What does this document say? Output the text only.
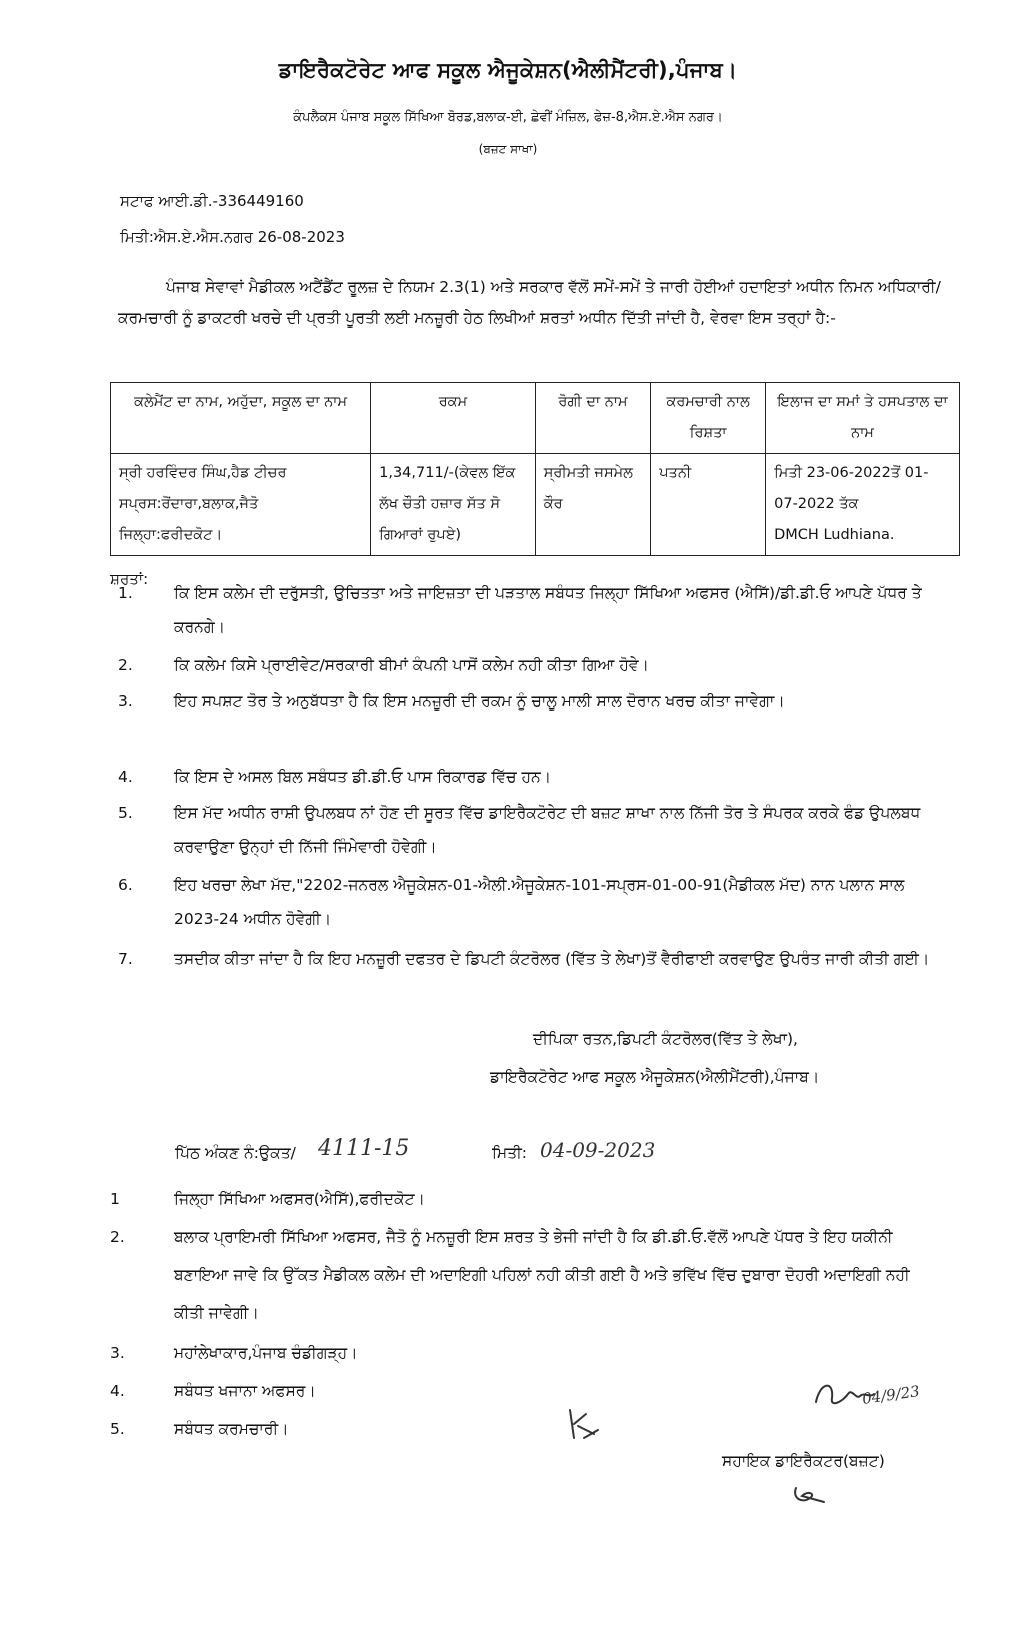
ਡਾਇਰੈਕਟੋਰੇਟ ਆਫ ਸਕੂਲ ਐਜੂਕੇਸ਼ਨ(ਐਲੀਮੈਂਟਰੀ),ਪੰਜਾਬ।
ਕੰਪਲੈਕਸ ਪੰਜਾਬ ਸਕੂਲ ਸਿੱਖਿਆ ਬੋਰਡ,ਬਲਾਕ-ਈ, ਛੇਵੀਂ ਮੰਜ਼ਿਲ, ਫੇਜ਼-8,ਐਸ.ਏ.ਐਸ ਨਗਰ।
(ਬਜ਼ਟ ਸਾਖਾ)
ਸਟਾਫ ਆਈ.ਡੀ.-336449160
ਮਿਤੀ:ਐਸ.ਏ.ਐਸ.ਨਗਰ 26-08-2023
ਪੰਜਾਬ ਸੇਵਾਵਾਂ ਮੈਡੀਕਲ ਅਟੈਂਡੈਂਟ ਰੂਲਜ਼ ਦੇ ਨਿਯਮ 2.3(1) ਅਤੇ ਸਰਕਾਰ ਵੱਲੋਂ ਸਮੇਂ-ਸਮੇਂ ਤੇ ਜਾਰੀ ਹੋਈਆਂ ਹਦਾਇਤਾਂ ਅਧੀਨ ਨਿਮਨ ਅਧਿਕਾਰੀ/ਕਰਮਚਾਰੀ ਨੂੰ ਡਾਕਟਰੀ ਖਰਚੇ ਦੀ ਪ੍ਰਤੀ ਪੂਰਤੀ ਲਈ ਮਨਜ਼ੂਰੀ ਹੇਠ ਲਿਖੀਆਂ ਸ਼ਰਤਾਂ ਅਧੀਨ ਦਿੱਤੀ ਜਾਂਦੀ ਹੈ, ਵੇਰਵਾ ਇਸ ਤਰ੍ਹਾਂ ਹੈ:-
ਕਲੇਮੈਂਟ ਦਾ ਨਾਮ, ਅਹੁੱਦਾ, ਸਕੂਲ ਦਾ ਨਾਮ	ਰਕਮ	ਰੋਗੀ ਦਾ ਨਾਮ	ਕਰਮਚਾਰੀ ਨਾਲ ਰਿਸ਼ਤਾ	ਇਲਾਜ ਦਾ ਸਮਾਂ ਤੇ ਹਸਪਤਾਲ ਦਾ ਨਾਮ
ਸ੍ਰੀ ਹਰਵਿੰਦਰ ਸਿੰਘ,ਹੈਡ ਟੀਚਰ ਸਪ੍ਰਸ:ਰੋਂਦਾਰਾ,ਬਲਾਕ,ਜੈਤੋ ਜਿਲ੍ਹਾ:ਫਰੀਦਕੋਟ।	1,34,711/-(ਕੇਵਲ ਇੱਕ ਲੱਖ ਚੌਤੀ ਹਜ਼ਾਰ ਸੱਤ ਸੋ ਗਿਆਰਾਂ ਰੁਪਏ)	ਸ੍ਰੀਮਤੀ ਜਸਮੇਲ ਕੌਰ	ਪਤਨੀ	ਮਿਤੀ 23-06-2022ਤੋਂ 01-07-2022 ਤੱਕ
DMCH Ludhiana.
ਸ਼ਰਤਾਂ:
1.	ਕਿ ਇਸ ਕਲੇਮ ਦੀ ਦਰੁੱਸਤੀ, ਉਚਿਤਤਾ ਅਤੇ ਜਾਇਜ਼ਤਾ ਦੀ ਪੜਤਾਲ ਸਬੰਧਤ ਜਿਲ੍ਹਾ ਸਿੱਖਿਆ ਅਫਸਰ (ਐਸਿੱ)/ਡੀ.ਡੀ.ਓ ਆਪਣੇ ਪੱਧਰ ਤੇ ਕਰਨਗੇ।
2.	ਕਿ ਕਲੇਮ ਕਿਸੇ ਪ੍ਰਾਈਵੇਟ/ਸਰਕਾਰੀ ਬੀਮਾਂ ਕੰਪਨੀ ਪਾਸੋਂ ਕਲੇਮ ਨਹੀ ਕੀਤਾ ਗਿਆ ਹੋਵੇ।
3.	ਇਹ ਸਪਸ਼ਟ ਤੋਰ ਤੇ ਅਨੁਬੱਧਤਾ ਹੈ ਕਿ ਇਸ ਮਨਜ਼ੂਰੀ ਦੀ ਰਕਮ ਨੂੰ ਚਾਲੂ ਮਾਲੀ ਸਾਲ ਦੋਰਾਨ ਖਰਚ ਕੀਤਾ ਜਾਵੇਗਾ।
4.	ਕਿ ਇਸ ਦੇ ਅਸਲ ਬਿਲ ਸਬੰਧਤ ਡੀ.ਡੀ.ਓ ਪਾਸ ਰਿਕਾਰਡ ਵਿੱਚ ਹਨ।
5.	ਇਸ ਮੱਦ ਅਧੀਨ ਰਾਸ਼ੀ ਉਪਲਬਧ ਨਾਂ ਹੋਣ ਦੀ ਸੂਰਤ ਵਿੱਚ ਡਾਇਰੈਕਟੋਰੇਟ ਦੀ ਬਜ਼ਟ ਸ਼ਾਖਾ ਨਾਲ ਨਿੱਜੀ ਤੋਰ ਤੇ ਸੰਪਰਕ ਕਰਕੇ ਫੰਡ ਉਪਲਬਧ ਕਰਵਾਉਣਾ ਉਨ੍ਹਾਂ ਦੀ ਨਿੱਜੀ ਜਿੰਮੇਵਾਰੀ ਹੋਵੇਗੀ।
6.	ਇਹ ਖਰਚਾ ਲੇਖਾ ਮੱਦ,"2202-ਜਨਰਲ ਐਜੂਕੇਸ਼ਨ-01-ਐਲੀ.ਐਜੂਕੇਸ਼ਨ-101-ਸਪ੍ਰਸ-01-00-91(ਮੈਡੀਕਲ ਮੱਦ) ਨਾਨ ਪਲਾਨ ਸਾਲ 2023-24 ਅਧੀਨ ਹੋਵੇਗੀ।
7.	ਤਸਦੀਕ ਕੀਤਾ ਜਾਂਦਾ ਹੈ ਕਿ ਇਹ ਮਨਜ਼ੂਰੀ ਦਫਤਰ ਦੇ ਡਿਪਟੀ ਕੰਟਰੋਲਰ (ਵਿੱਤ ਤੇ ਲੇਖਾ)ਤੋਂ ਵੈਰੀਫਾਈ ਕਰਵਾਉਣ ਉਪਰੰਤ ਜਾਰੀ ਕੀਤੀ ਗਈ।
ਦੀਪਿਕਾ ਰਤਨ,ਡਿਪਟੀ ਕੰਟਰੋਲਰ(ਵਿੱਤ ਤੇ ਲੇਖਾ),
ਡਾਇਰੈਕਟੋਰੇਟ ਆਫ ਸਕੂਲ ਐਜੂਕੇਸ਼ਨ(ਐਲੀਮੈਂਟਰੀ),ਪੰਜਾਬ।
ਪਿੱਠ ਅੰਕਣ ਨੰ:ਉਕਤ/ 4111-15	ਮਿਤੀ: 04-09-2023
1	ਜਿਲ੍ਹਾ ਸਿੱਖਿਆ ਅਫਸਰ(ਐਸਿੱ),ਫਰੀਦਕੋਟ।
2.	ਬਲਾਕ ਪ੍ਰਾਇਮਰੀ ਸਿੱਖਿਆ ਅਫਸਰ, ਜੈਤੋ ਨੂੰ ਮਨਜ਼ੂਰੀ ਇਸ ਸ਼ਰਤ ਤੇ ਭੇਜੀ ਜਾਂਦੀ ਹੈ ਕਿ ਡੀ.ਡੀ.ਓ.ਵੱਲੋਂ ਆਪਣੇ ਪੱਧਰ ਤੇ ਇਹ ਯਕੀਨੀ ਬਣਾਇਆ ਜਾਵੇ ਕਿ ਉੱਕਤ ਮੈਡੀਕਲ ਕਲੇਮ ਦੀ ਅਦਾਇਗੀ ਪਹਿਲਾਂ ਨਹੀ ਕੀਤੀ ਗਈ ਹੈ ਅਤੇ ਭਵਿੱਖ ਵਿੱਚ ਦੁਬਾਰਾ ਦੋਹਰੀ ਅਦਾਇਗੀ ਨਹੀ ਕੀਤੀ ਜਾਵੇਗੀ।
3.	ਮਹਾਂਲੇਖਾਕਾਰ,ਪੰਜਾਬ ਚੰਡੀਗੜ੍ਹ।
4.	ਸਬੰਧਤ ਖਜਾਨਾ ਅਫਸਰ।
5.	ਸਬੰਧਤ ਕਰਮਚਾਰੀ।
04/9/23
ਸਹਾਇਕ ਡਾਇਰੈਕਟਰ(ਬਜ਼ਟ)
